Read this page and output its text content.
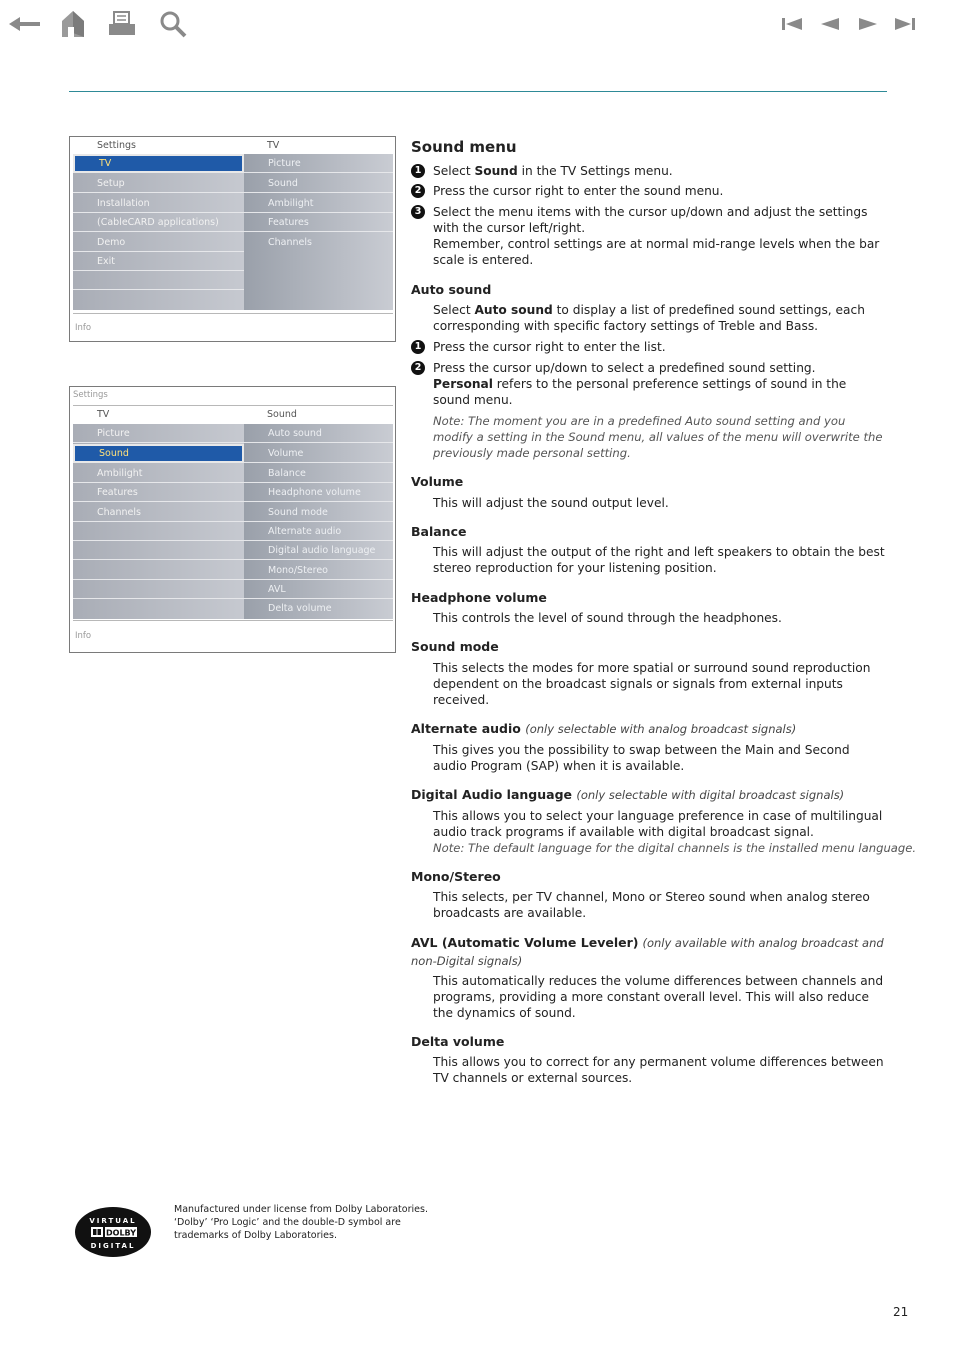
Settings	TV
TV
Setup
Installation
(CableCARD applications)
Demo
Exit
Picture
Sound
Ambilight
Features
Channels
Info
Settings
TV	Sound
Picture
Sound
Ambilight
Features
Channels
Auto sound
Volume
Balance
Headphone volume
Sound mode
Alternate audio
Digital audio language
Mono/Stereo
AVL
Delta volume
Info
Sound menu
1 Select Sound in the TV Settings menu.
2 Press the cursor right to enter the sound menu.
3 Select the menu items with the cursor up/down and adjust the settings with the cursor left/right.
Remember, control settings are at normal mid-range levels when the bar scale is entered.
Auto sound
Select Auto sound to display a list of predefined sound settings, each corresponding with specific factory settings of Treble and Bass.
1 Press the cursor right to enter the list.
2 Press the cursor up/down to select a predefined sound setting.
Personal refers to the personal preference settings of sound in the sound menu.
Note: The moment you are in a predefined Auto sound setting and you modify a setting in the Sound menu, all values of the menu will overwrite the previously made personal setting.
Volume
This will adjust the sound output level.
Balance
This will adjust the output of the right and left speakers to obtain the best stereo reproduction for your listening position.
Headphone volume
This controls the level of sound through the headphones.
Sound mode
This selects the modes for more spatial or surround sound reproduction dependent on the broadcast signals or signals from external inputs received.
Alternate audio (only selectable with analog broadcast signals)
This gives you the possibility to swap between the Main and Second audio Program (SAP) when it is available.
Digital Audio language (only selectable with digital broadcast signals)
This allows you to select your language preference in case of multilingual audio track programs if available with digital broadcast signal.
Note: The default language for the digital channels is the installed menu language.
Mono/Stereo
This selects, per TV channel, Mono or Stereo sound when analog stereo broadcasts are available.
AVL (Automatic Volume Leveler) (only available with analog broadcast and non-Digital signals)
This automatically reduces the volume differences between channels and programs, providing a more constant overall level. This will also reduce the dynamics of sound.
Delta volume
This allows you to correct for any permanent volume differences between TV channels or external sources.
VIRTUAL
DOLBY
DIGITAL
Manufactured under license from Dolby Laboratories.
‘Dolby’ ‘Pro Logic’ and the double-D symbol are
trademarks of Dolby Laboratories.
21
